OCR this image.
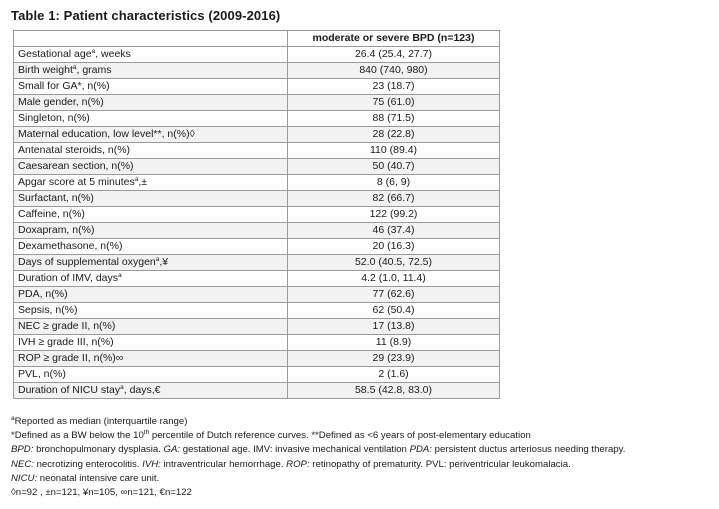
Table 1: Patient characteristics (2009-2016)
	moderate or severe BPD (n=123)
Gestational age$^a$, weeks	26.4 (25.4, 27.7)
Birth weight$^a$, grams	840 (740, 980)
Small for GA*, n(%)	23 (18.7)
Male gender, n(%)	75 (61.0)
Singleton, n(%)	88 (71.5)
Maternal education, low level**, n(%)◊	28 (22.8)
Antenatal steroids, n(%)	110 (89.4)
Caesarean section, n(%)	50 (40.7)
Apgar score at 5 minutes$^a$,±	8 (6, 9)
Surfactant, n(%)	82 (66.7)
Caffeine, n(%)	122 (99.2)
Doxapram, n(%)	46 (37.4)
Dexamethasone, n(%)	20 (16.3)
Days of supplemental oxygen$^a$,¥	52.0 (40.5, 72.5)
Duration of IMV, days$^a$	4.2 (1.0, 11.4)
PDA, n(%)	77 (62.6)
Sepsis, n(%)	62 (50.4)
NEC ≥ grade II, n(%)	17 (13.8)
IVH ≥ grade III, n(%)	11 (8.9)
ROP ≥ grade II, n(%)∞	29 (23.9)
PVL, n(%)	2 (1.6)
Duration of NICU stay$^a$, days,€	58.5 (42.8, 83.0)
$^a$Reported as median (interquartile range)
*Defined as a BW below the 10th percentile of Dutch reference curves. **Defined as <6 years of post-elementary education
BPD: bronchopulmonary dysplasia. GA: gestational age. IMV: invasive mechanical ventilation PDA: persistent ductus arteriosus needing therapy.
NEC: necrotizing enterocolitis. IVH: intraventricular hemorrhage. ROP: retinopathy of prematurity. PVL: periventricular leukomalacia.
NICU: neonatal intensive care unit.
◊n=92 , ±n=121, ¥n=105, ∞n=121, €n=122
